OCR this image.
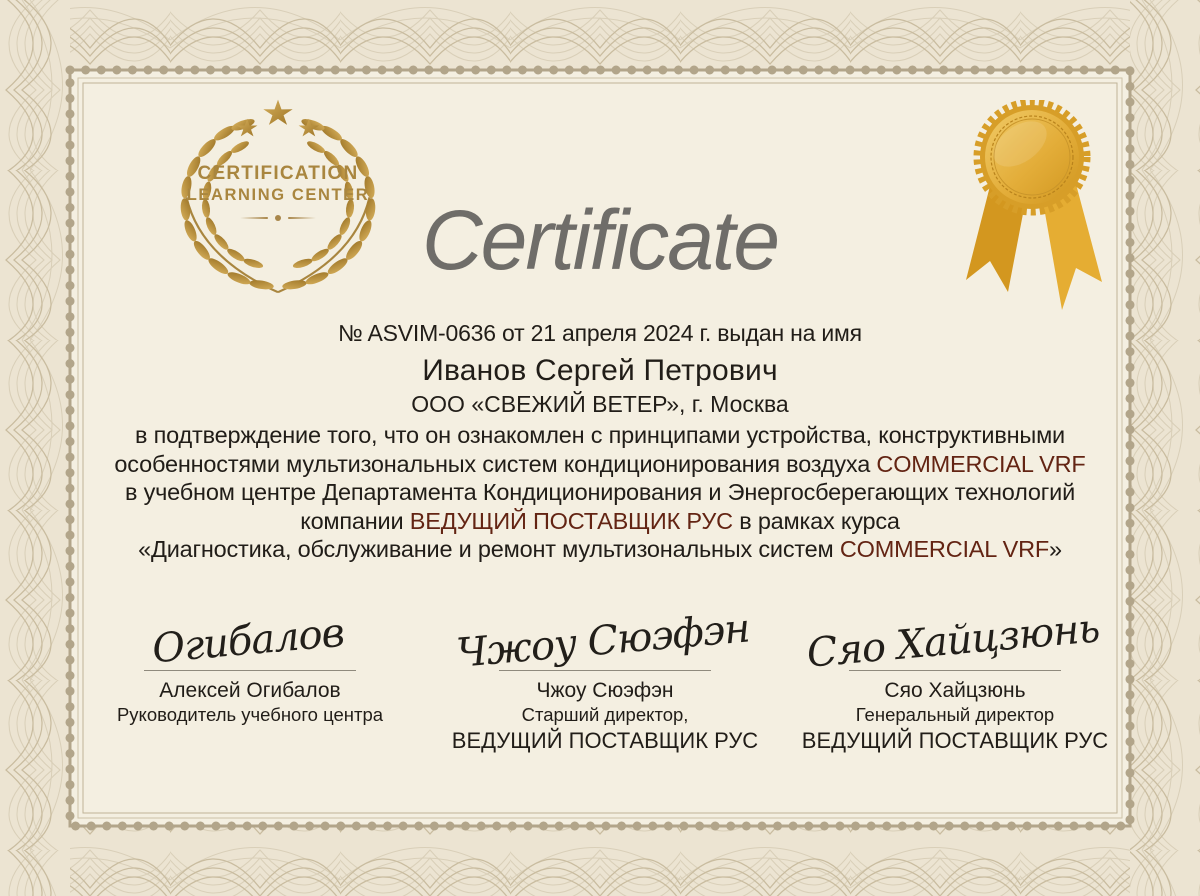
CERTIFICATION
LEARNING CENTER Certificate
№ ASVIM-0636 от 21 апреля 2024 г. выдан на имя
Иванов Сергей Петрович
ООО «СВЕЖИЙ ВЕТЕР», г. Москва
в подтверждение того, что он ознакомлен с принципами устройства, конструктивными
особенностями мультизональных систем кондиционирования воздуха COMMERCIAL VRF
в учебном центре Департамента Кондиционирования и Энергосберегающих технологий
компании ВЕДУЩИЙ ПОСТАВЩИК РУС в рамках курса
«Диагностика, обслуживание и ремонт мультизональных систем COMMERCIAL VRF»
Огибалов
Алексей Огибалов
Руководитель учебного центра
Чжоу Сюэфэн
Чжоу Сюэфэн
Старший директор,
ВЕДУЩИЙ ПОСТАВЩИК РУС
Сяо Хайцзюнь
Сяо Хайцзюнь
Генеральный директор
ВЕДУЩИЙ ПОСТАВЩИК РУС
